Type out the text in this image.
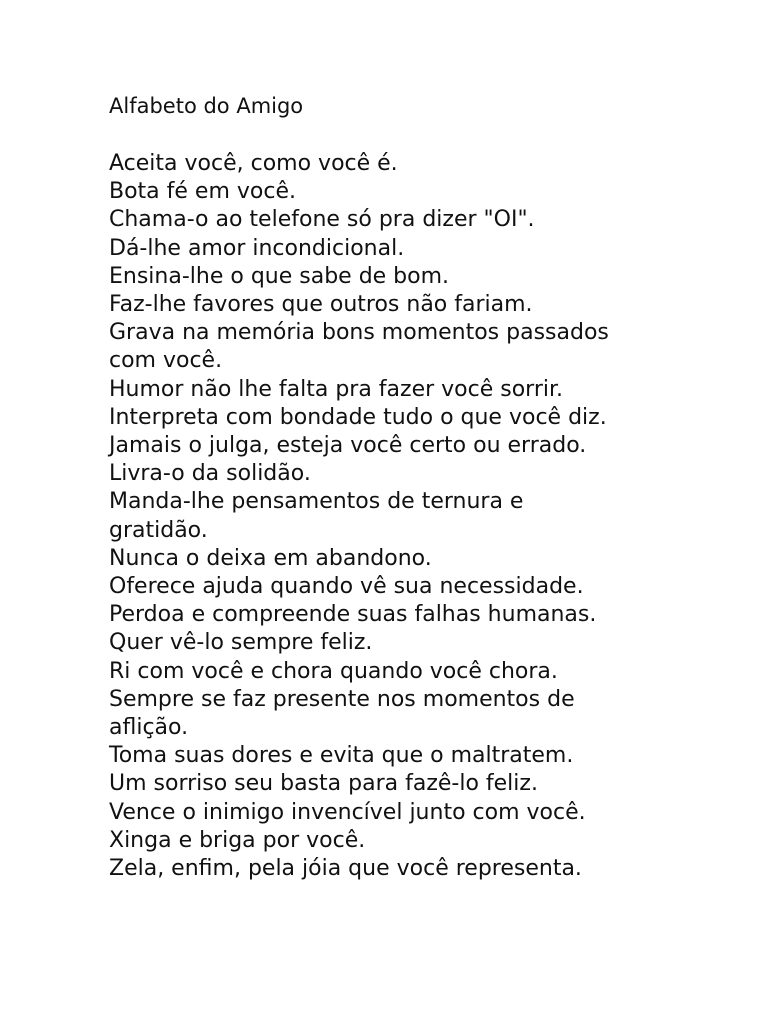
Alfabeto do Amigo
Aceita você, como você é.
Bota fé em você.
Chama-o ao telefone só pra dizer "OI".
Dá-lhe amor incondicional.
Ensina-lhe o que sabe de bom.
Faz-lhe favores que outros não fariam.
Grava na memória bons momentos passados
com você.
Humor não lhe falta pra fazer você sorrir.
Interpreta com bondade tudo o que você diz.
Jamais o julga, esteja você certo ou errado.
Livra-o da solidão.
Manda-lhe pensamentos de ternura e
gratidão.
Nunca o deixa em abandono.
Oferece ajuda quando vê sua necessidade.
Perdoa e compreende suas falhas humanas.
Quer vê-lo sempre feliz.
Ri com você e chora quando você chora.
Sempre se faz presente nos momentos de
aflição.
Toma suas dores e evita que o maltratem.
Um sorriso seu basta para fazê-lo feliz.
Vence o inimigo invencível junto com você.
Xinga e briga por você.
Zela, enfim, pela jóia que você representa.
